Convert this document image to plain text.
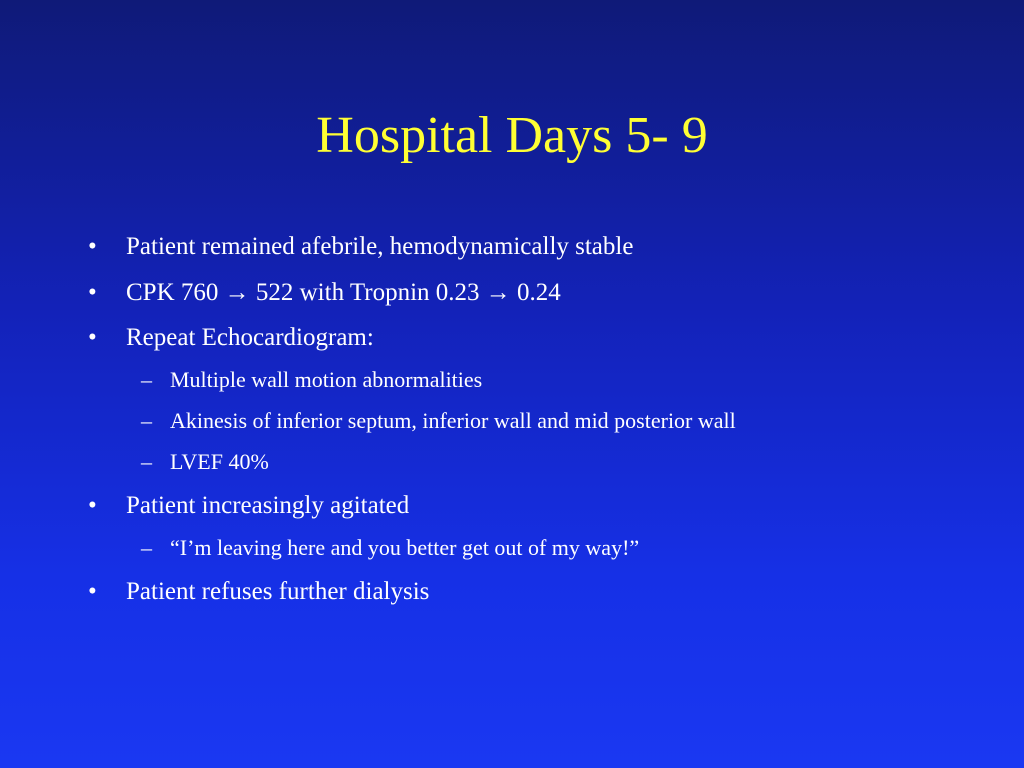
Hospital Days 5- 9
• Patient remained afebrile, hemodynamically stable
• CPK 760 → 522 with Tropnin 0.23 → 0.24
• Repeat Echocardiogram:
– Multiple wall motion abnormalities
– Akinesis of inferior septum, inferior wall and mid posterior wall
– LVEF 40%
• Patient increasingly agitated
– “I’m leaving here and you better get out of my way!”
• Patient refuses further dialysis
